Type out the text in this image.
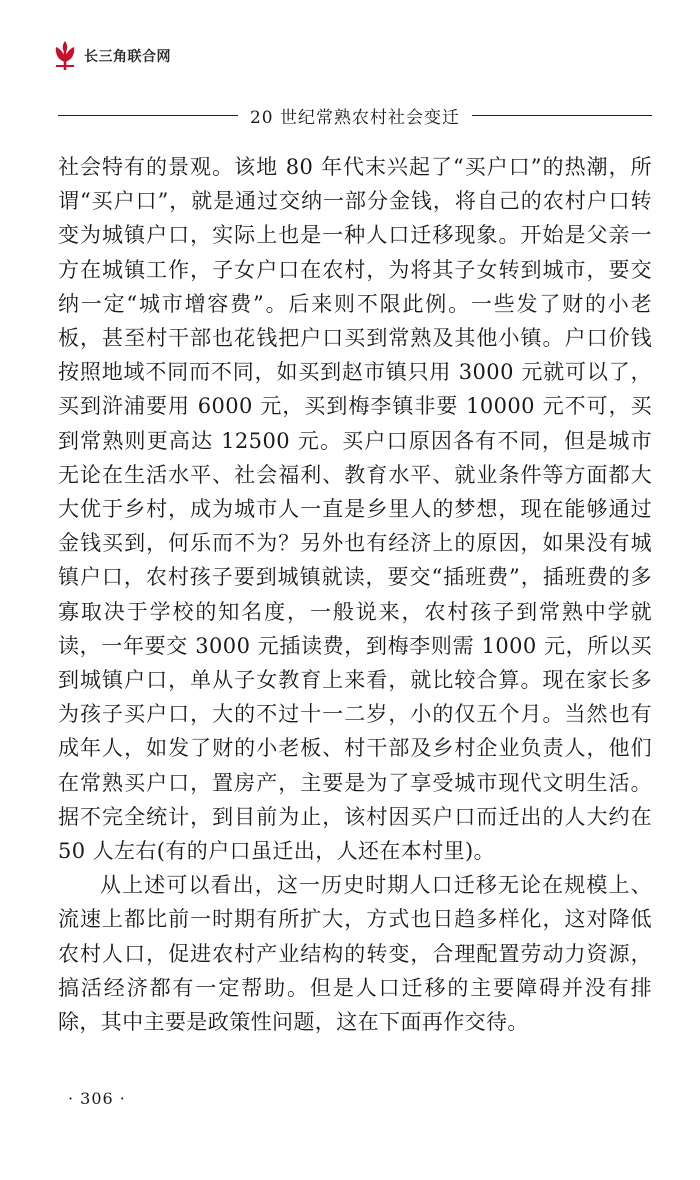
长三角联合网
20 世纪常熟农村社会变迁

社会特有的景观。该地 80 年代末兴起了“买户口”的热潮，所谓“买户口”，就是通过交纳一部分金钱，将自己的农村户口转变为城镇户口，实际上也是一种人口迁移现象。开始是父亲一方在城镇工作，子女户口在农村，为将其子女转到城市，要交纳一定“城市增容费”。后来则不限此例。一些发了财的小老板，甚至村干部也花钱把户口买到常熟及其他小镇。户口价钱按照地域不同而不同，如买到赵市镇只用 3000 元就可以了，买到浒浦要用 6000 元，买到梅李镇非要 10000 元不可，买到常熟则更高达 12500 元。买户口原因各有不同，但是城市无论在生活水平、社会福利、教育水平、就业条件等方面都大大优于乡村，成为城市人一直是乡里人的梦想，现在能够通过金钱买到，何乐而不为？另外也有经济上的原因，如果没有城镇户口，农村孩子要到城镇就读，要交“插班费”，插班费的多寡取决于学校的知名度，一般说来，农村孩子到常熟中学就读，一年要交 3000 元插读费，到梅李则需 1000 元，所以买到城镇户口，单从子女教育上来看，就比较合算。现在家长多为孩子买户口，大的不过十一二岁，小的仅五个月。当然也有成年人，如发了财的小老板、村干部及乡村企业负责人，他们在常熟买户口，置房产，主要是为了享受城市现代文明生活。据不完全统计，到目前为止，该村因买户口而迁出的人大约在 50 人左右(有的户口虽迁出，人还在本村里)。

从上述可以看出，这一历史时期人口迁移无论在规模上、流速上都比前一时期有所扩大，方式也日趋多样化，这对降低农村人口，促进农村产业结构的转变，合理配置劳动力资源，搞活经济都有一定帮助。但是人口迁移的主要障碍并没有排除，其中主要是政策性问题，这在下面再作交待。

· 306 ·
